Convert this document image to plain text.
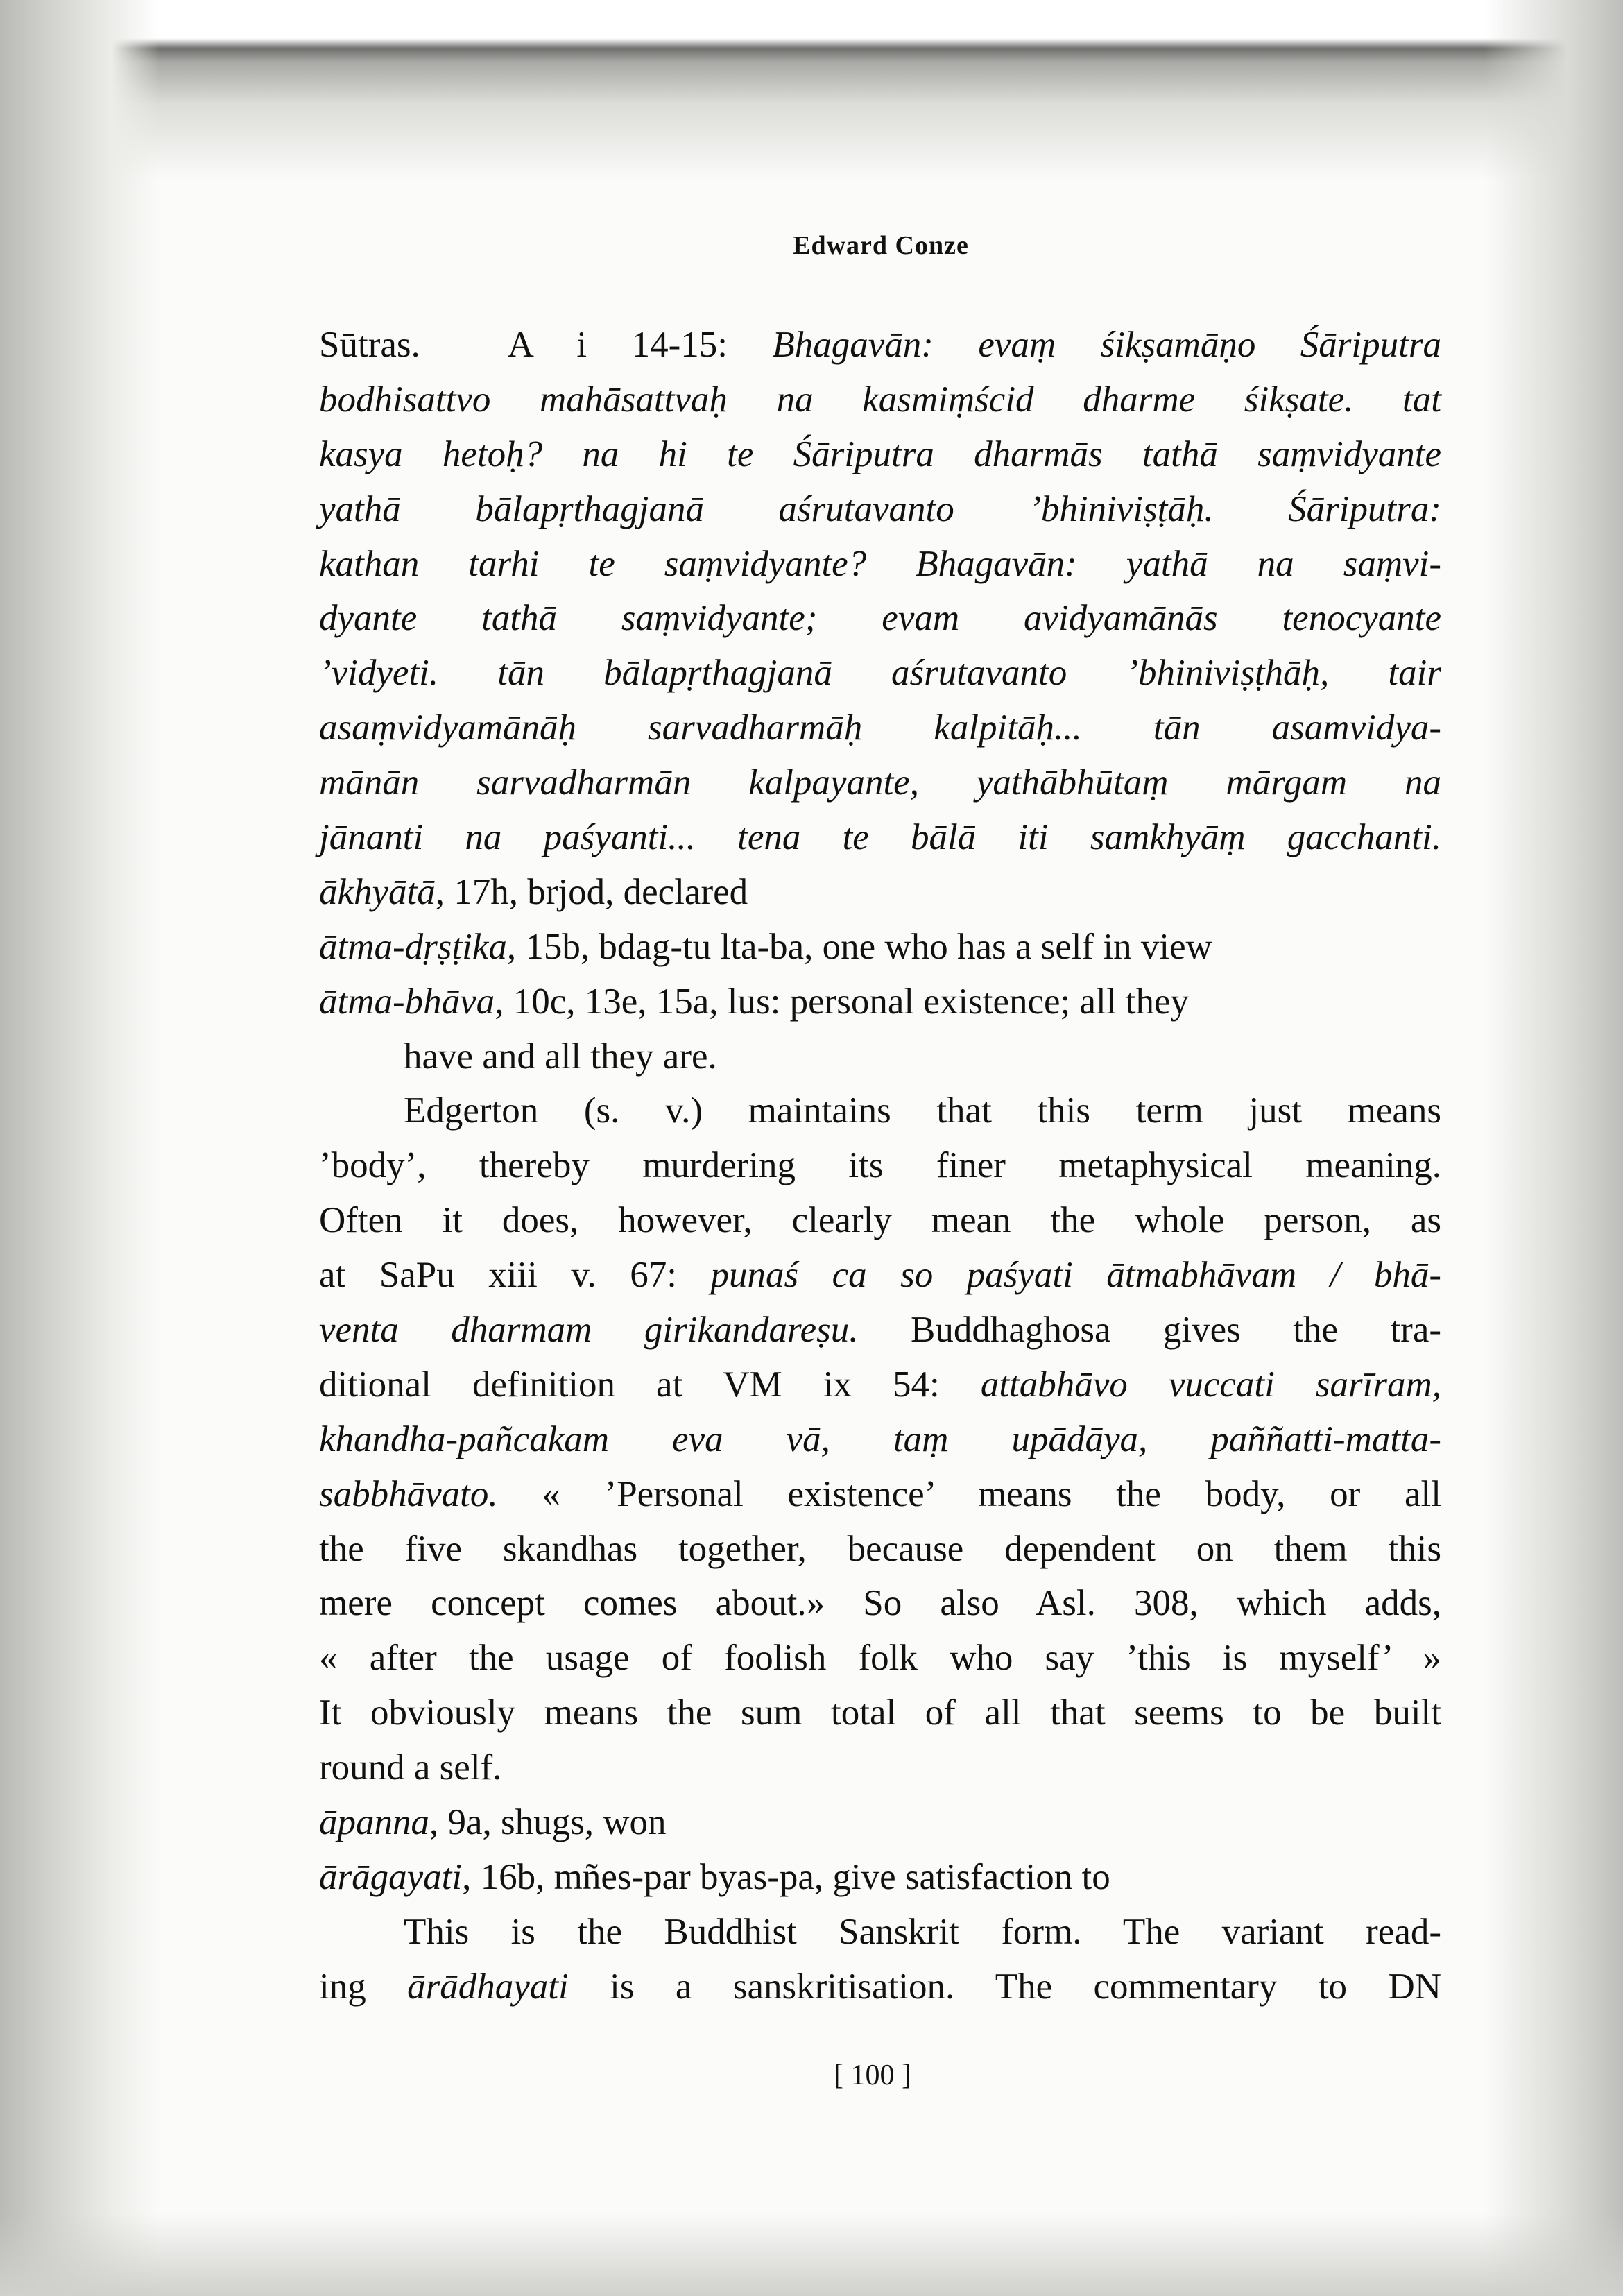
Edward Conze
Sūtras.  A i 14-15: Bhagavān: evaṃ śikṣamāṇo Śāriputra
bodhisattvo mahāsattvaḥ na kasmiṃścid dharme śikṣate. tat
kasya hetoḥ? na hi te Śāriputra dharmās tathā saṃvidyante
yathā bālapṛthagjanā aśrutavanto ’bhiniviṣṭāḥ. Śāriputra:
kathan tarhi te saṃvidyante? Bhagavān: yathā na saṃvi-
dyante tathā saṃvidyante; evam avidyamānās tenocyante
’vidyeti. tān bālapṛthagjanā aśrutavanto ’bhiniviṣṭhāḥ, tair
asaṃvidyamānāḥ sarvadharmāḥ kalpitāḥ... tān asamvidya-
mānān sarvadharmān kalpayante, yathābhūtaṃ mārgam na
jānanti na paśyanti... tena te bālā iti samkhyāṃ gacchanti.
ākhyātā, 17h, brjod, declared
ātma-dṛṣṭika, 15b, bdag-tu lta-ba, one who has a self in view
ātma-bhāva, 10c, 13e, 15a, lus: personal existence; all they
have and all they are.
Edgerton (s. v.) maintains that this term just means
’body’, thereby murdering its finer metaphysical meaning.
Often it does, however, clearly mean the whole person, as
at SaPu xiii v. 67: punaś ca so paśyati ātmabhāvam / bhā-
venta dharmam girikandareṣu. Buddhaghosa gives the tra-
ditional definition at VM ix 54: attabhāvo vuccati sarīram,
khandha-pañcakam eva vā, taṃ upādāya, paññatti-matta-
sabbhāvato. « ’Personal existence’ means the body, or all
the five skandhas together, because dependent on them this
mere concept comes about.» So also Asl. 308, which adds,
« after the usage of foolish folk who say ’this is myself’ »
It obviously means the sum total of all that seems to be built
round a self.
āpanna, 9a, shugs, won
ārāgayati, 16b, mñes-par byas-pa, give satisfaction to
This is the Buddhist Sanskrit form. The variant read-
ing ārādhayati is a sanskritisation. The commentary to DN
[ 100 ]
